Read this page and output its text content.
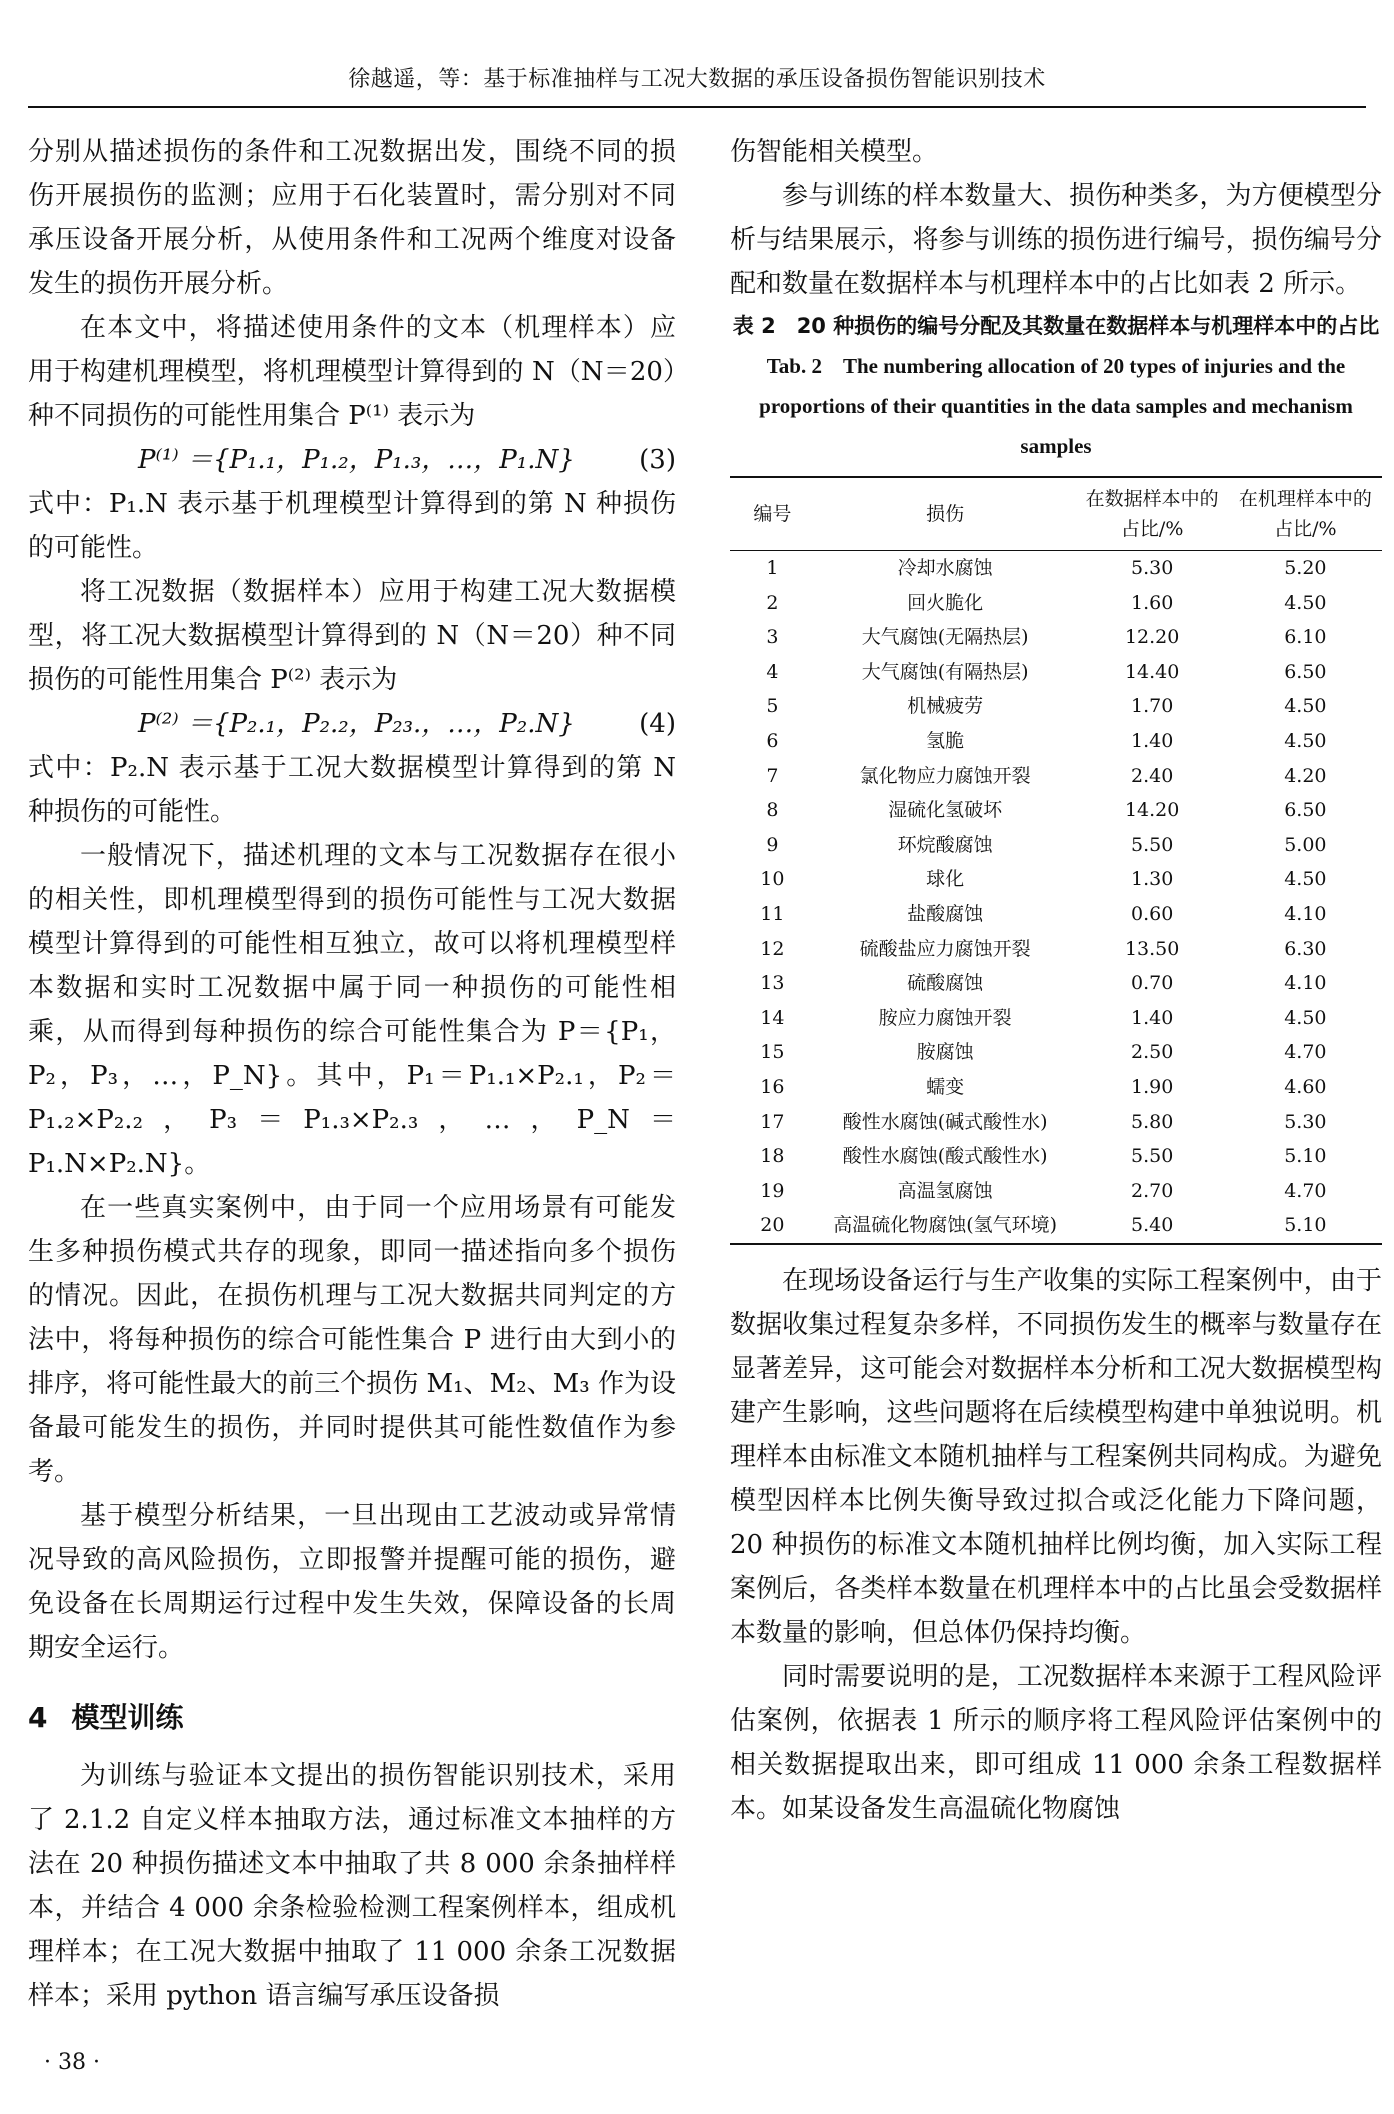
徐越遥，等：基于标准抽样与工况大数据的承压设备损伤智能识别技术

分别从描述损伤的条件和工况数据出发，围绕不同的损伤开展损伤的监测；应用于石化装置时，需分别对不同承压设备开展分析，从使用条件和工况两个维度对设备发生的损伤开展分析。

在本文中，将描述使用条件的文本（机理样本）应用于构建机理模型，将机理模型计算得到的 N（N＝20）种不同损伤的可能性用集合 P⁽¹⁾ 表示为

P⁽¹⁾ ＝{P₁.₁，P₁.₂，P₁.₃，…，P₁.N} (3)

式中：P₁.N 表示基于机理模型计算得到的第 N 种损伤的可能性。

将工况数据（数据样本）应用于构建工况大数据模型，将工况大数据模型计算得到的 N（N＝20）种不同损伤的可能性用集合 P⁽²⁾ 表示为

P⁽²⁾ ＝{P₂.₁，P₂.₂，P₂₃.，…，P₂.N} (4)

式中：P₂.N 表示基于工况大数据模型计算得到的第 N 种损伤的可能性。

一般情况下，描述机理的文本与工况数据存在很小的相关性，即机理模型得到的损伤可能性与工况大数据模型计算得到的可能性相互独立，故可以将机理模型样本数据和实时工况数据中属于同一种损伤的可能性相乘，从而得到每种损伤的综合可能性集合为 P＝{P₁，P₂，P₃，…，P_N}。其中，P₁＝P₁.₁×P₂.₁，P₂＝P₁.₂×P₂.₂，P₃＝P₁.₃×P₂.₃，…，P_N＝P₁.N×P₂.N}。

在一些真实案例中，由于同一个应用场景有可能发生多种损伤模式共存的现象，即同一描述指向多个损伤的情况。因此，在损伤机理与工况大数据共同判定的方法中，将每种损伤的综合可能性集合 P 进行由大到小的排序，将可能性最大的前三个损伤 M₁、M₂、M₃ 作为设备最可能发生的损伤，并同时提供其可能性数值作为参考。

基于模型分析结果，一旦出现由工艺波动或异常情况导致的高风险损伤，立即报警并提醒可能的损伤，避免设备在长周期运行过程中发生失效，保障设备的长周期安全运行。

4 模型训练

为训练与验证本文提出的损伤智能识别技术，采用了 2.1.2 自定义样本抽取方法，通过标准文本抽样的方法在 20 种损伤描述文本中抽取了共 8 000 余条抽样样本，并结合 4 000 余条检验检测工程案例样本，组成机理样本；在工况大数据中抽取了 11 000 余条工况数据样本；采用 python 语言编写承压设备损

伤智能相关模型。

参与训练的样本数量大、损伤种类多，为方便模型分析与结果展示，将参与训练的损伤进行编号，损伤编号分配和数量在数据样本与机理样本中的占比如表 2 所示。

表 2　20 种损伤的编号分配及其数量在数据样本与机理样本中的占比
Tab. 2　The numbering allocation of 20 types of injuries and the proportions of their quantities in the data samples and mechanism samples
编号	损伤	在数据样本中的占比/%	在机理样本中的占比/%
1	冷却水腐蚀	5.30	5.20
2	回火脆化	1.60	4.50
3	大气腐蚀(无隔热层)	12.20	6.10
4	大气腐蚀(有隔热层)	14.40	6.50
5	机械疲劳	1.70	4.50
6	氢脆	1.40	4.50
7	氯化物应力腐蚀开裂	2.40	4.20
8	湿硫化氢破坏	14.20	6.50
9	环烷酸腐蚀	5.50	5.00
10	球化	1.30	4.50
11	盐酸腐蚀	0.60	4.10
12	硫酸盐应力腐蚀开裂	13.50	6.30
13	硫酸腐蚀	0.70	4.10
14	胺应力腐蚀开裂	1.40	4.50
15	胺腐蚀	2.50	4.70
16	蠕变	1.90	4.60
17	酸性水腐蚀(碱式酸性水)	5.80	5.30
18	酸性水腐蚀(酸式酸性水)	5.50	5.10
19	高温氢腐蚀	2.70	4.70
20	高温硫化物腐蚀(氢气环境)	5.40	5.10

在现场设备运行与生产收集的实际工程案例中，由于数据收集过程复杂多样，不同损伤发生的概率与数量存在显著差异，这可能会对数据样本分析和工况大数据模型构建产生影响，这些问题将在后续模型构建中单独说明。机理样本由标准文本随机抽样与工程案例共同构成。为避免模型因样本比例失衡导致过拟合或泛化能力下降问题，20 种损伤的标准文本随机抽样比例均衡，加入实际工程案例后，各类样本数量在机理样本中的占比虽会受数据样本数量的影响，但总体仍保持均衡。

同时需要说明的是，工况数据样本来源于工程风险评估案例，依据表 1 所示的顺序将工程风险评估案例中的相关数据提取出来，即可组成 11 000 余条工程数据样本。如某设备发生高温硫化物腐蚀

· 38 ·
